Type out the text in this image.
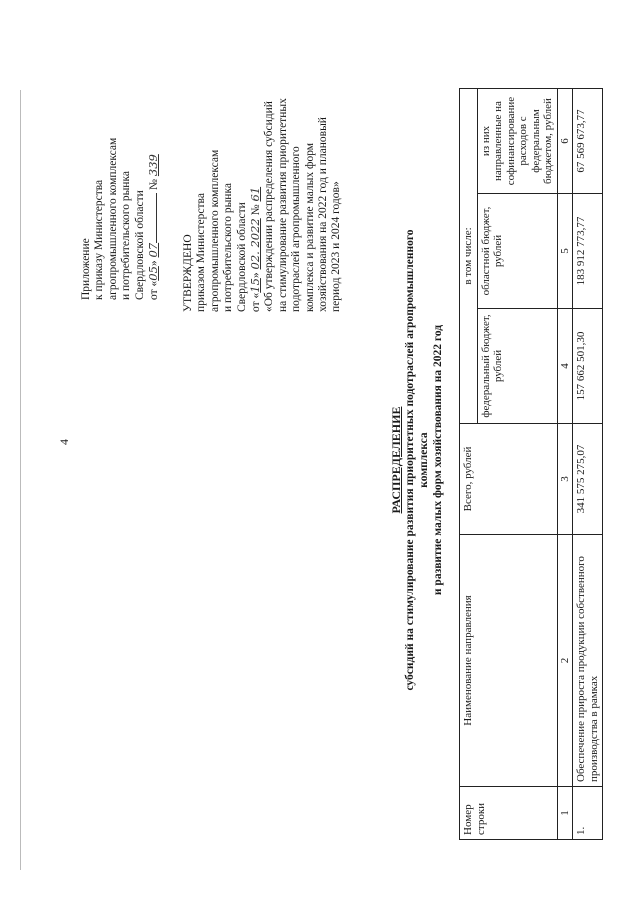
4
Приложение к приказу Министерства агропромышленного комплексам и потребительского рынка Свердловской области от «05» 07 № 339
УТВЕРЖДЕНО приказом Министерства агропромышленного комплексам и потребительского рынка Свердловской области от «15» 02. 2022 № 61 «Об утверждении распределения субсидий на стимулирование развития приоритетных подотраслей агропромышленного комплекса и развитие малых форм хозяйствования на 2022 год и плановый период 2023 и 2024 годов»
РАСПРЕДЕЛЕНИЕ субсидий на стимулирование развития приоритетных подотраслей агропромышленного комплекса и развитие малых форм хозяйствования на 2022 год
Номер строки	Наименование направления	Всего, рублей	в том числе:		
			федеральный бюджет, рублей	областной бюджет, рублей	из них направленные на софинансирование расходов с федеральным бюджетом, рублей
1	2	3	4	5	6
1.	Обеспечение прироста продукции собственного производства в рамках	341 575 275,07	157 662 501,30	183 912 773,77	67 569 673,77
